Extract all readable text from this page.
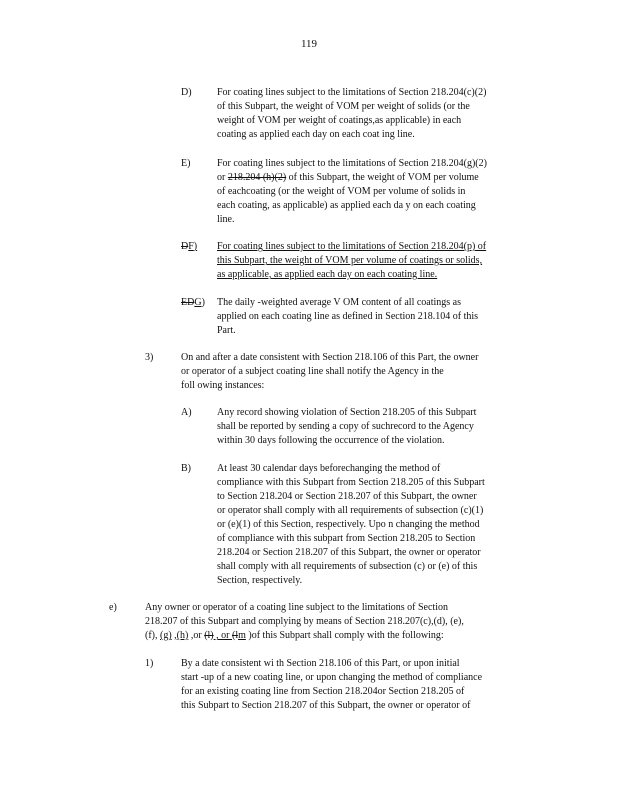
119
D)	For coating lines subject to the limitations of Section 218.204(c)(2)
of this Subpart, the weight of VOM per weight of solids (or the
weight of VOM per weight of coatings,as applicable) in each
coating as applied each day on each coat ing line.
E)	For coating lines subject to the limitations of Section 218.204(g)(2)
or 218.204 (h)(2) of this Subpart, the weight of VOM per volume
of eachcoating (or the weight of VOM per volume of solids in
each coating, as applicable) as applied each da y on each coating
line.
DF) For coating lines subject to the limitations of Section 218.204(p) of
this Subpart, the weight of VOM per volume of coatings or solids,
as applicable, as applied each day on each coating line.
EDG) The daily -weighted average V OM content of all coatings as
applied on each coating line as defined in Section 218.104 of this
Part.
3)	On and after a date consistent with Section 218.106 of this Part, the owner
or operator of a subject coating line shall notify the Agency in the
foll owing instances:
A)	Any record showing violation of Section 218.205 of this Subpart
shall be reported by sending a copy of suchrecord to the Agency
within 30 days following the occurrence of the violation.
B)	At least 30 calendar days beforechanging the method of
compliance with this Subpart from Section 218.205 of this Subpart
to Section 218.204 or Section 218.207 of this Subpart, the owner
or operator shall comply with all requirements of subsection (c)(1)
or (e)(1) of this Section, respectively. Upo n changing the method
of compliance with this subpart from Section 218.205 to Section
218.204 or Section 218.207 of this Subpart, the owner or operator
shall comply with all requirements of subsection (c) or (e) of this
Section, respectively.
e)	Any owner or operator of a coating line subject to the limitations of Section
218.207 of this Subpart and complying by means of Section 218.207(c),(d), (e),
(f), (g) ,(h) ,or (l) , or (lm )of this Subpart shall comply with the following:
1)	By a date consistent wi th Section 218.106 of this Part, or upon initial
start -up of a new coating line, or upon changing the method of compliance
for an existing coating line from Section 218.204or Section 218.205 of
this Subpart to Section 218.207 of this Subpart, the owner or operator of
